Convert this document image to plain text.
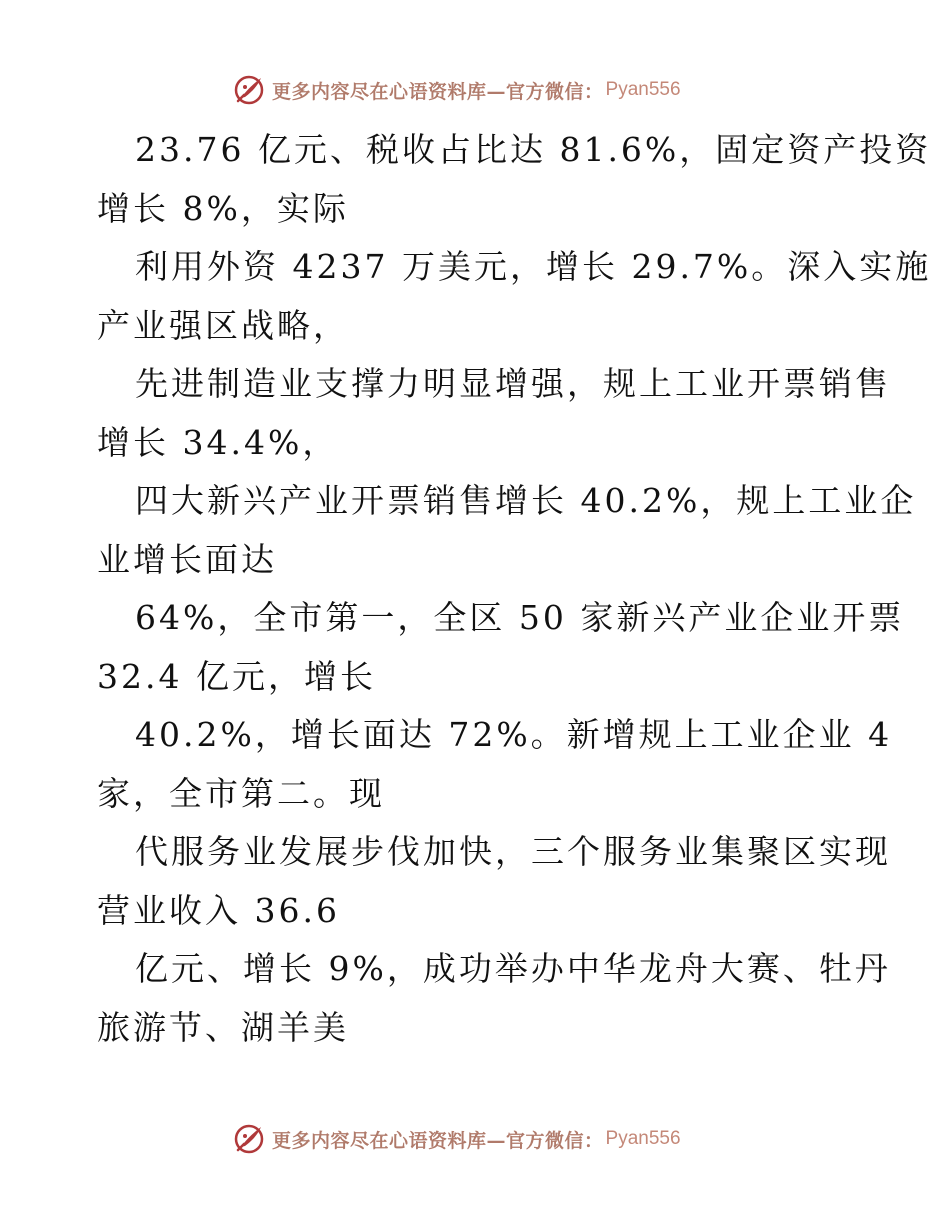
更多内容尽在心语资料库—官方微信： Pyan556
23.76 亿元、税收占比达 81.6%，固定资产投资
增长 8%，实际
利用外资 4237 万美元，增长 29.7%。深入实施
产业强区战略，
先进制造业支撑力明显增强，规上工业开票销售
增长 34.4%，
四大新兴产业开票销售增长 40.2%，规上工业企
业增长面达
64%，全市第一，全区 50 家新兴产业企业开票
32.4 亿元，增长
40.2%，增长面达 72%。新增规上工业企业 4
家，全市第二。现
代服务业发展步伐加快，三个服务业集聚区实现
营业收入 36.6
亿元、增长 9%，成功举办中华龙舟大赛、牡丹
旅游节、湖羊美
更多内容尽在心语资料库—官方微信： Pyan556
